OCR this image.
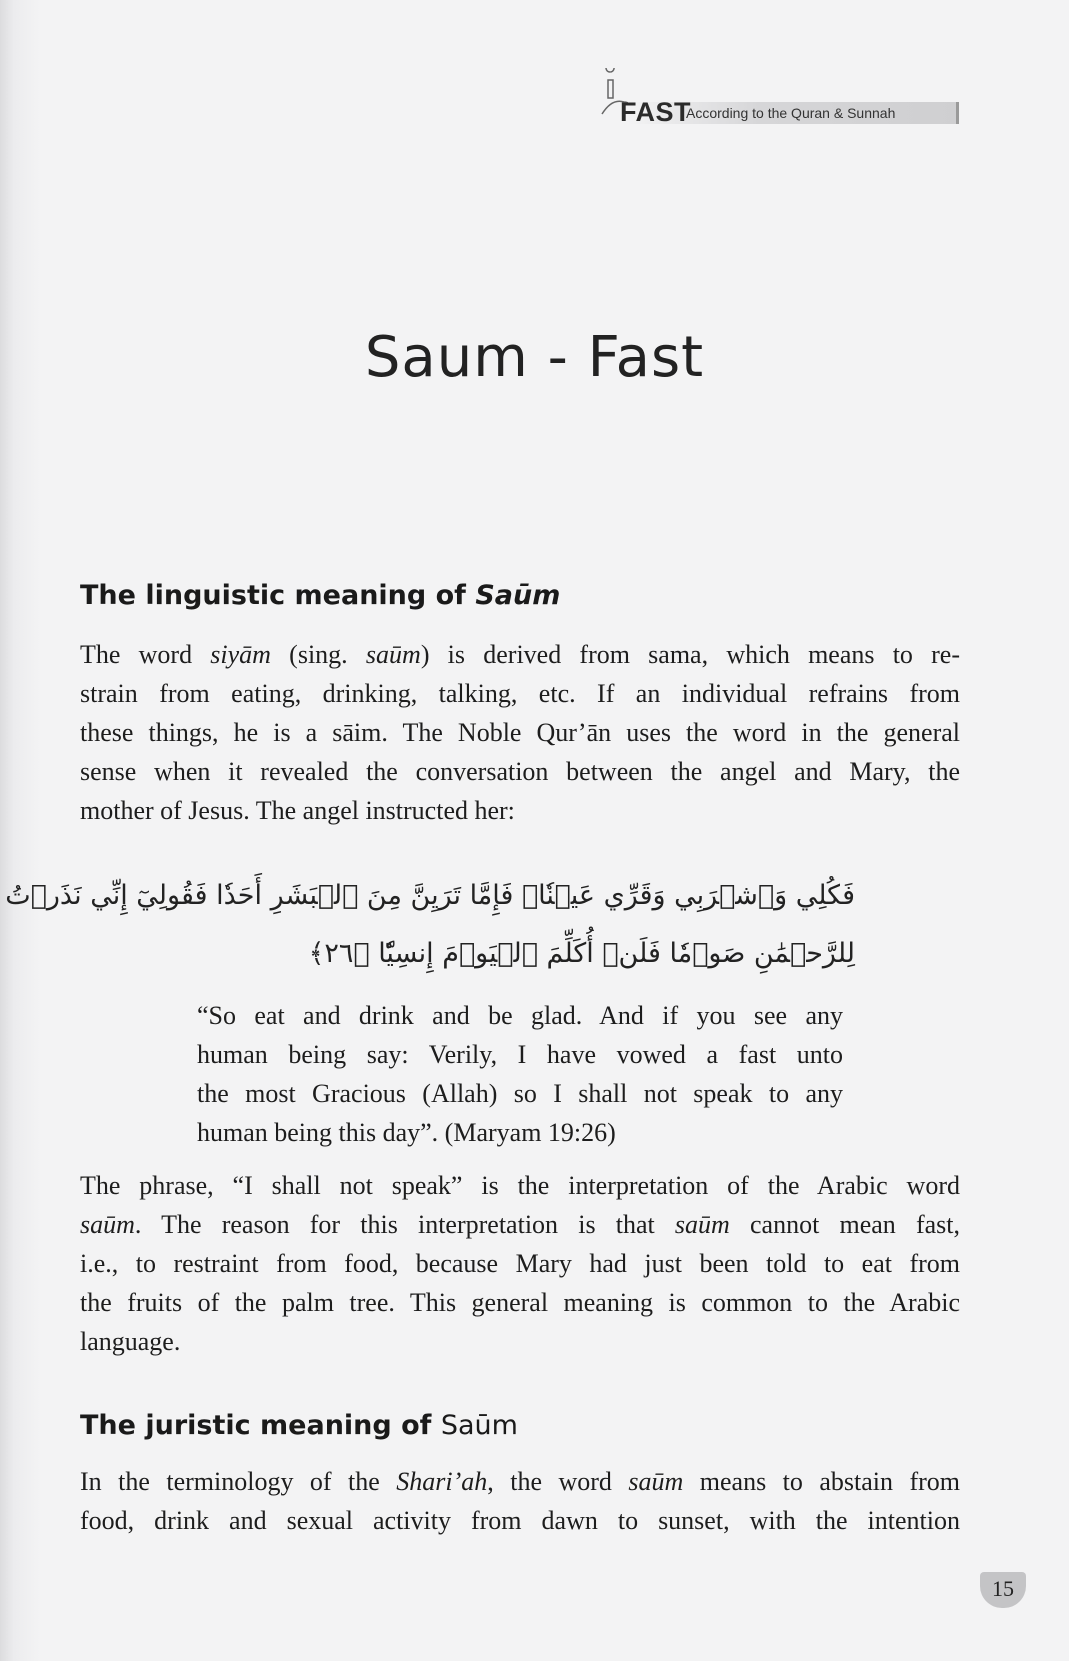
FAST
According to the Quran & Sunnah
Saum - Fast
The linguistic meaning of Saūm
The word siyām (sing. saūm) is derived from sama, which means to re-
strain from eating, drinking, talking, etc. If an individual refrains from
these things, he is a sāim. The Noble Qur’ān uses the word in the general
sense when it revealed the conversation between the angel and Mary, the
mother of Jesus. The angel instructed her:
فَكُلِي وَٱشۡرَبِي وَقَرِّي عَيۡنٗاۖ فَإِمَّا تَرَيِنَّ مِنَ ٱلۡبَشَرِ أَحَدٗا فَقُولِيٓ إِنِّي نَذَرۡتُ
لِلرَّحۡمَٰنِ صَوۡمٗا فَلَنۡ أُكَلِّمَ ٱلۡيَوۡمَ إِنسِيّٗا ﴿٢٦﴾
“So eat and drink and be glad. And if you see any
human being say: Verily, I have vowed a fast unto
the most Gracious (Allah) so I shall not speak to any
human being this day”. (Maryam 19:26)
The phrase, “I shall not speak” is the interpretation of the Arabic word
saūm. The reason for this interpretation is that saūm cannot mean fast,
i.e., to restraint from food, because Mary had just been told to eat from
the fruits of the palm tree. This general meaning is common to the Arabic
language.
The juristic meaning of Saūm
In the terminology of the Shari’ah, the word saūm means to abstain from
food, drink and sexual activity from dawn to sunset, with the intention
15
